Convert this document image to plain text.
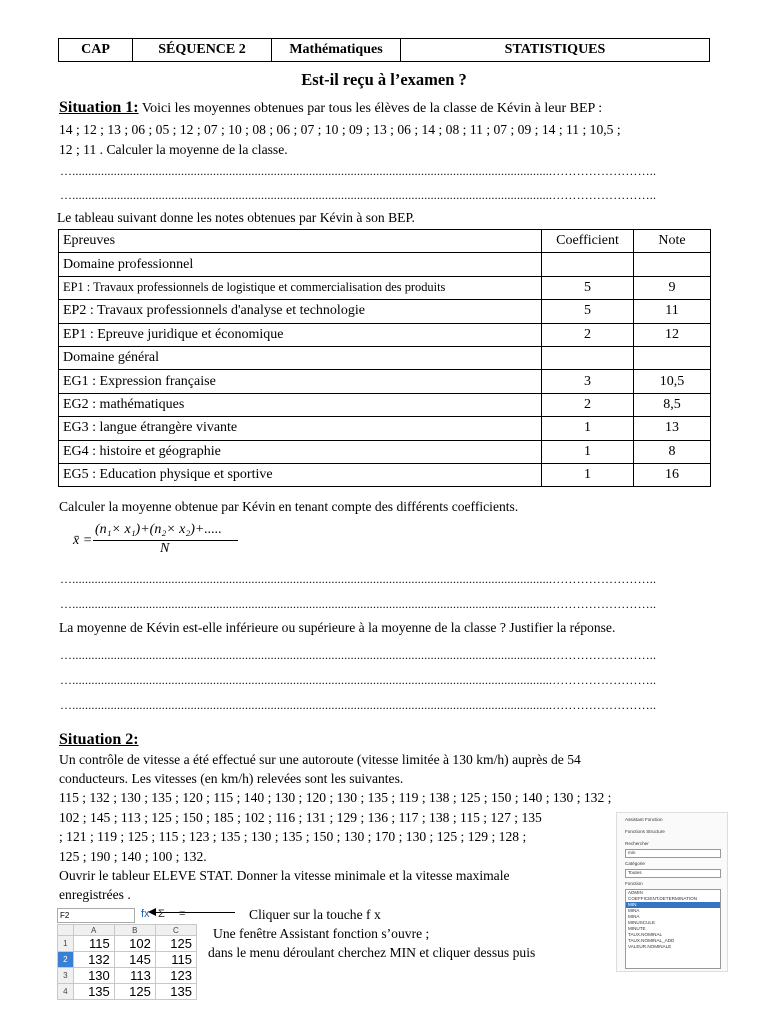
CAP	SÉQUENCE 2	Mathématiques	STATISTIQUES
Est-il reçu à l’examen ?
Situation 1: Voici les moyennes obtenues par tous les élèves de la classe de Kévin à leur BEP :
14 ; 12 ; 13 ; 06 ; 05 ; 12 ; 07 ; 10 ; 08 ; 06 ; 07 ; 10 ; 09 ; 13 ; 06 ; 14 ; 08 ; 11 ; 07 ; 09 ; 14 ; 11 ; 10,5 ;
12 ; 11 . Calculer la moyenne de la classe.
…......................................................................................................................................................……………………..
…......................................................................................................................................................……………………..
Le tableau suivant donne les notes obtenues par Kévin à son BEP.
Epreuves	Coefficient	Note
Domaine professionnel		
EP1 : Travaux professionnels de logistique et commercialisation des produits	5	9
EP2 : Travaux professionnels d'analyse et technologie	5	11
EP1 : Epreuve juridique et économique	2	12
Domaine général		
EG1 : Expression française	3	10,5
EG2 : mathématiques	2	8,5
EG3 : langue étrangère vivante	1	13
EG4 : histoire et géographie	1	8
EG5 : Education physique et sportive	1	16
Calculer la moyenne obtenue par Kévin en tenant compte des différents coefficients.
x̄ =
(n₁× x₁)+(n₂× x₂)+.....
N
…......................................................................................................................................................……………………..
…......................................................................................................................................................……………………..
La moyenne de Kévin est-elle inférieure ou supérieure à la moyenne de la classe ? Justifier la réponse.
…......................................................................................................................................................……………………..
…......................................................................................................................................................……………………..
…......................................................................................................................................................……………………..
Situation 2:
Un contrôle de vitesse a été effectué sur une autoroute (vitesse limitée à 130 km/h) auprès de 54
conducteurs. Les vitesses (en km/h) relevées sont les suivantes.
115 ; 132 ; 130 ; 135 ; 120 ; 115 ; 140 ; 130 ; 120 ; 130 ; 135 ; 119 ; 138 ; 125 ; 150 ; 140 ; 130 ; 132 ;
102 ; 145 ; 113 ; 125 ; 150 ; 185 ; 102 ; 116 ; 131 ; 129 ; 136 ; 117 ; 138 ; 115 ; 127 ; 135
; 121 ; 119 ; 125 ; 115 ; 123 ; 135 ; 130 ; 135 ; 150 ; 130 ; 170 ; 130 ; 125 ; 129 ; 128 ;
125 ; 190 ; 140 ; 100 ; 132.
Ouvrir le tableur ELEVE STAT. Donner la vitesse minimale et la vitesse maximale
enregistrées .
Cliquer sur la touche f x
Une fenêtre Assistant fonction s’ouvre ;
dans le menu déroulant cherchez MIN et cliquer dessus puis
F2	fx Σ =
	A	B	C
1	115	102	125
2	132	145	115
3	130	113	123
4	135	125	135
Assistant Fonction
Fonctions Structure
Rechercher
min
Catégorie
Toutes
Fonction
ADMIN
COEFFICIENT.DETERMINATION
MIN
MINA
MINA
MINUSCULE
MINUTE
TAUX.NOMINAL
TAUX.NOMINAL_ADD
VALEUR.NOMINALE
